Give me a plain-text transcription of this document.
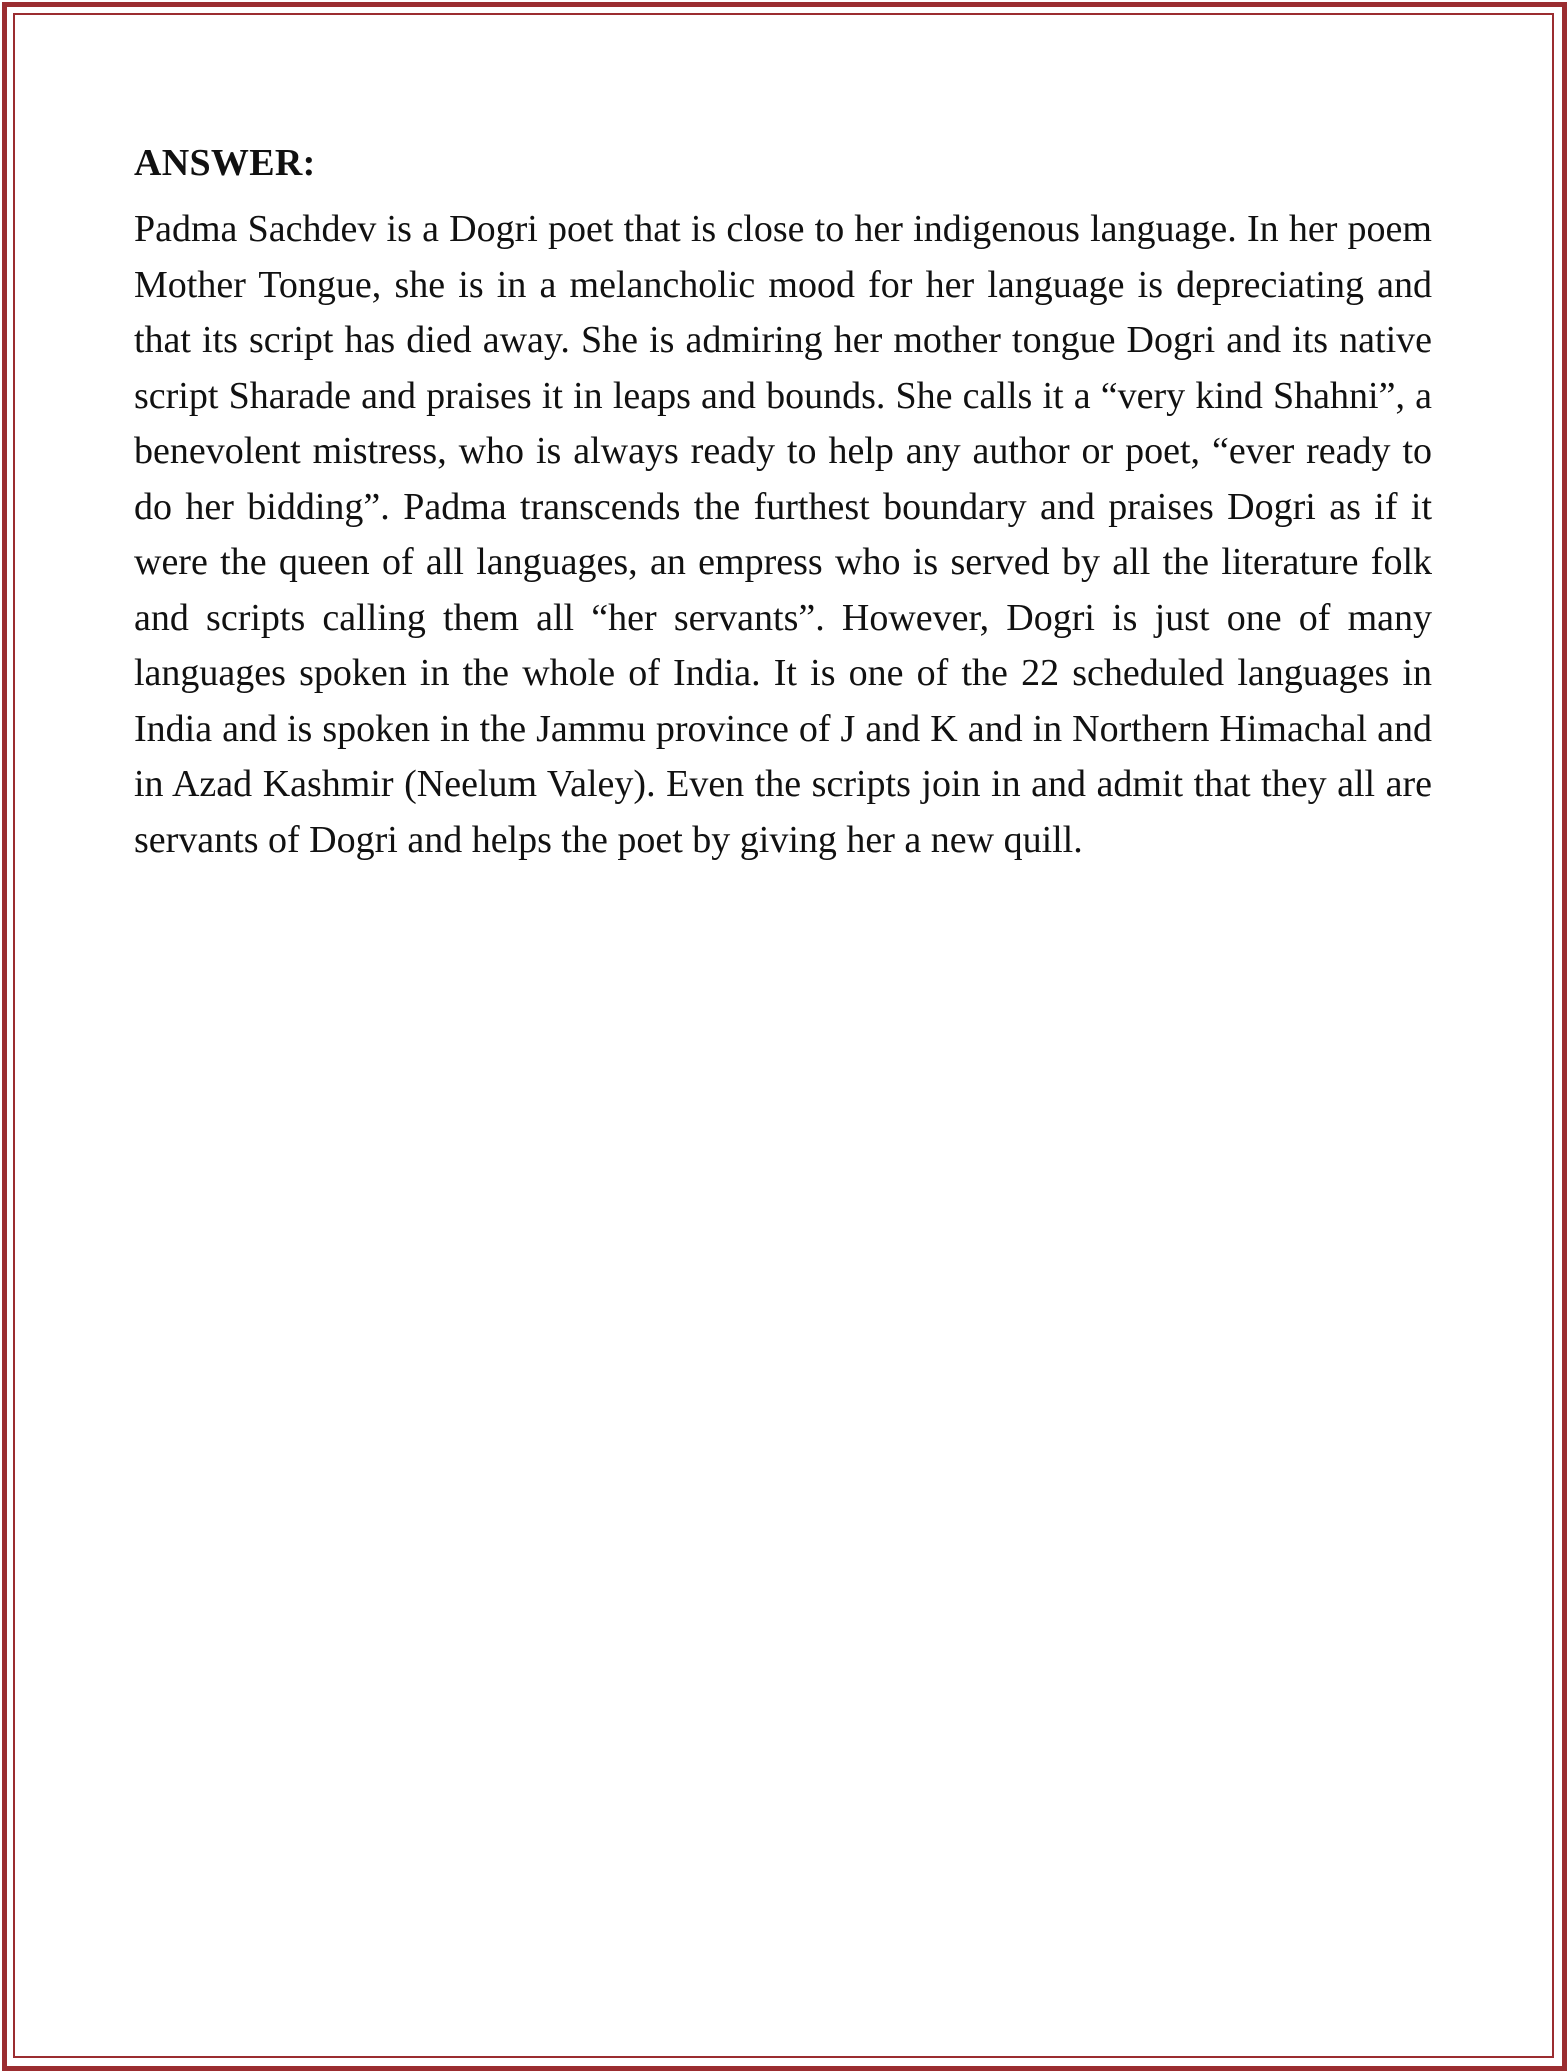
ANSWER:

Padma Sachdev is a Dogri poet that is close to her indigenous language. In her poem Mother Tongue, she is in a melancholic mood for her language is depreciating and that its script has died away. She is admiring her mother tongue Dogri and its native script Sharade and praises it in leaps and bounds. She calls it a “very kind Shahni”, a benevolent mistress, who is always ready to help any author or poet, “ever ready to do her bidding”. Padma transcends the furthest boundary and praises Dogri as if it were the queen of all languages, an empress who is served by all the literature folk and scripts calling them all “her servants”. However, Dogri is just one of many languages spoken in the whole of India. It is one of the 22 scheduled languages in India and is spoken in the Jammu province of J and K and in Northern Himachal and in Azad Kashmir (Neelum Valey). Even the scripts join in and admit that they all are servants of Dogri and helps the poet by giving her a new quill.
